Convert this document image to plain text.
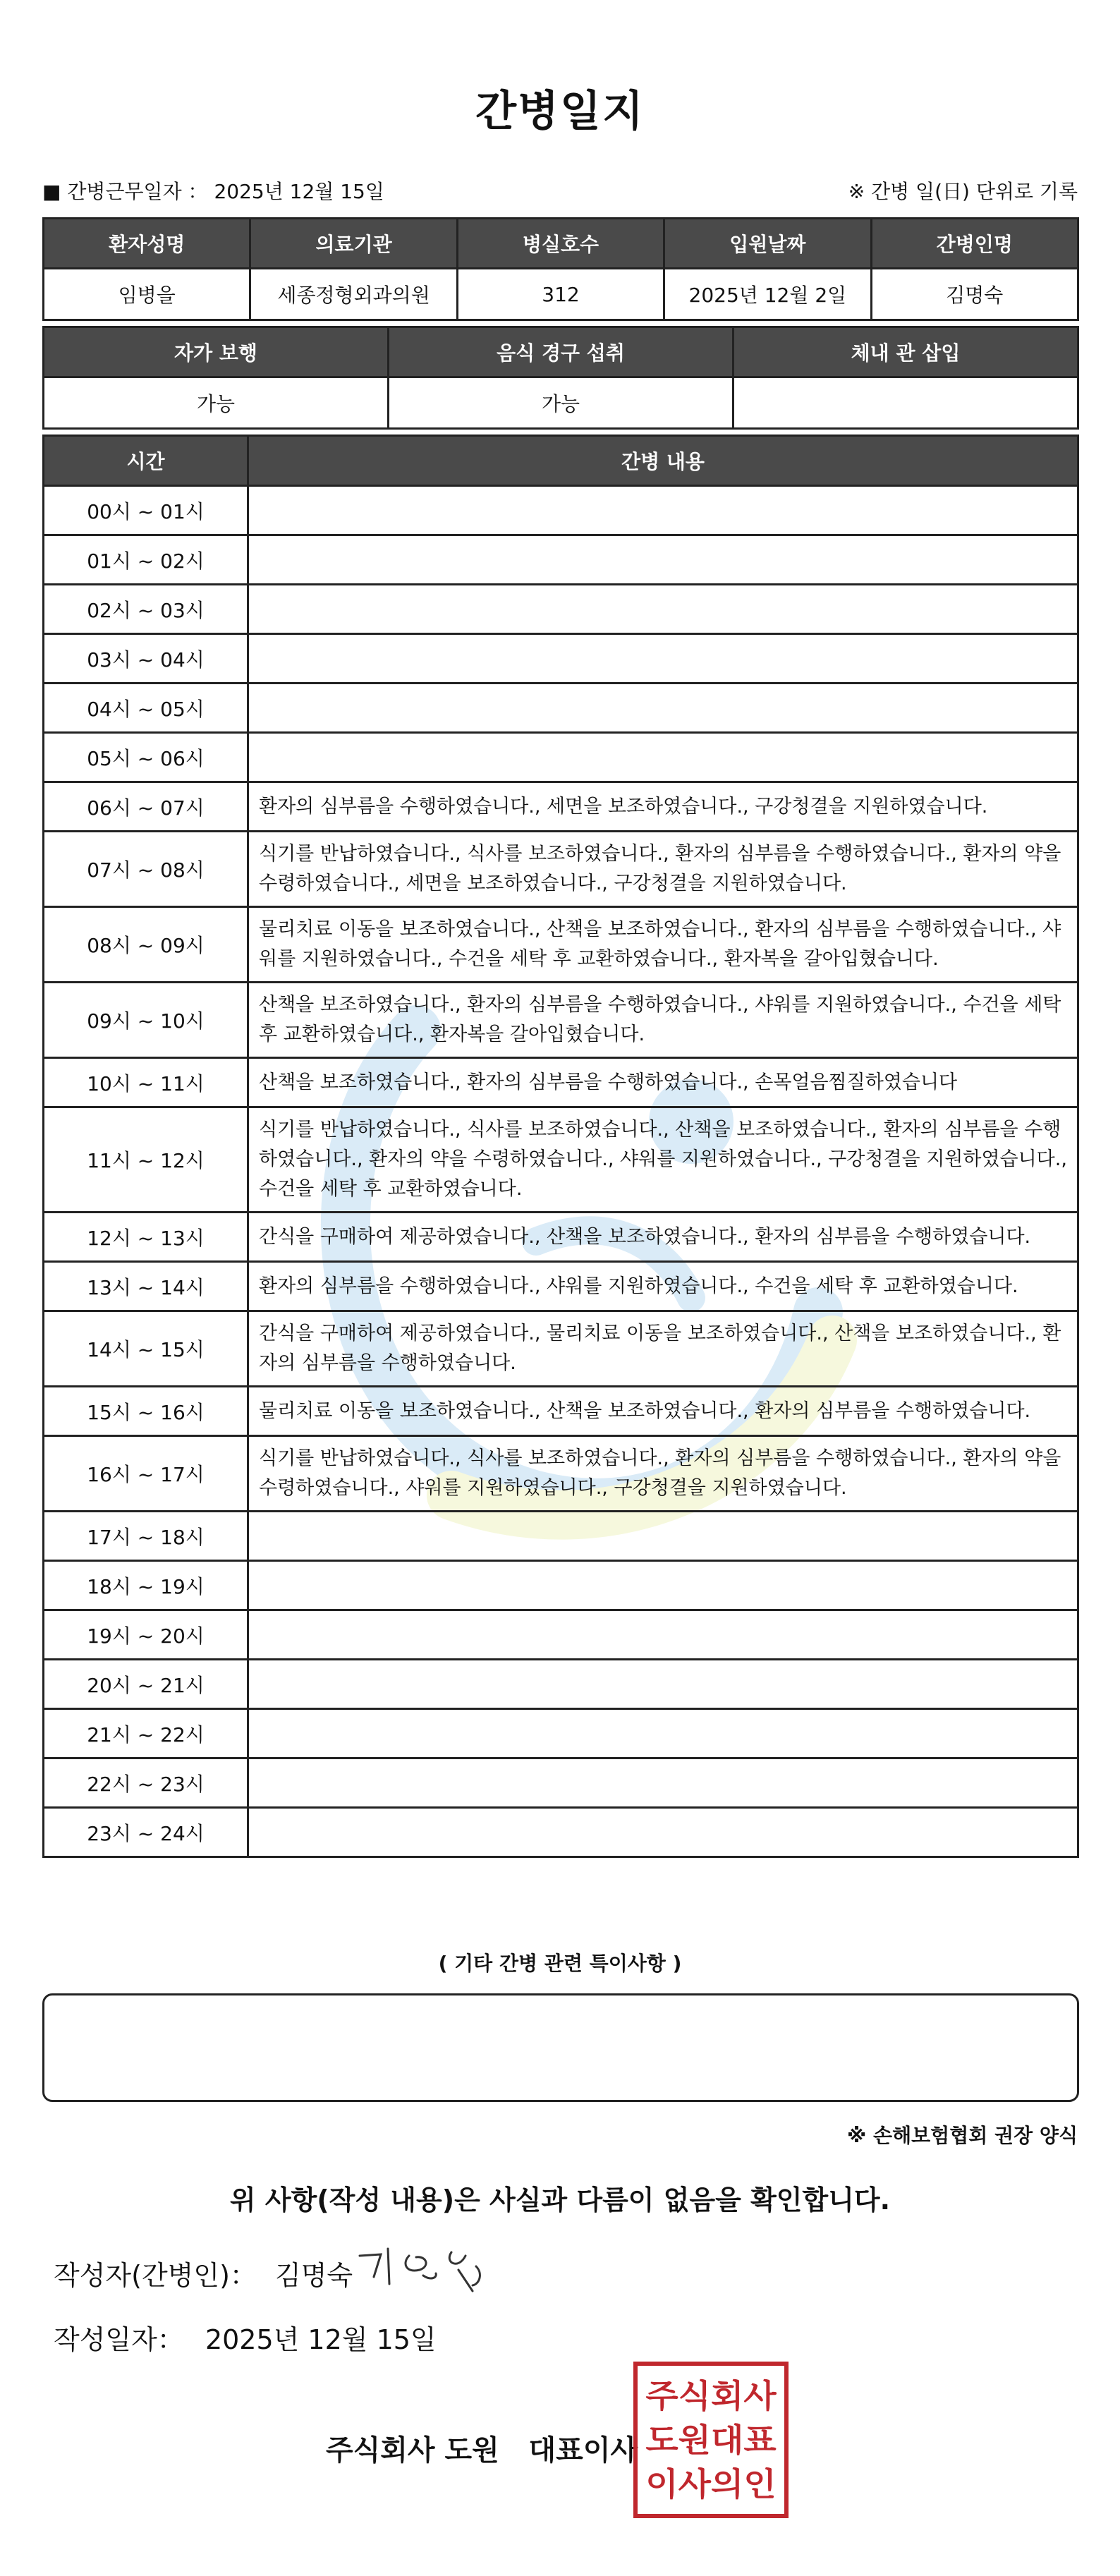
간병일지
■ 간병근무일자 ： 2025년 12월 15일	※ 간병 일(日) 단위로 기록
환자성명	의료기관	병실호수	입원날짜	간병인명
임병을	세종정형외과의원	312	2025년 12월 2일	김명숙
자가 보행	음식 경구 섭취	체내 관 삽입
가능	가능	
시간	간병 내용
00시 ~ 01시	
01시 ~ 02시	
02시 ~ 03시	
03시 ~ 04시	
04시 ~ 05시	
05시 ~ 06시	
06시 ~ 07시	환자의 심부름을 수행하였습니다., 세면을 보조하였습니다., 구강청결을 지원하였습니다.
07시 ~ 08시	식기를 반납하였습니다., 식사를 보조하였습니다., 환자의 심부름을 수행하였습니다., 환자의 약을 수령하였습니다., 세면을 보조하였습니다., 구강청결을 지원하였습니다.
08시 ~ 09시	물리치료 이동을 보조하였습니다., 산책을 보조하였습니다., 환자의 심부름을 수행하였습니다., 샤워를 지원하였습니다., 수건을 세탁 후 교환하였습니다., 환자복을 갈아입혔습니다.
09시 ~ 10시	산책을 보조하였습니다., 환자의 심부름을 수행하였습니다., 샤워를 지원하였습니다., 수건을 세탁 후 교환하였습니다., 환자복을 갈아입혔습니다.
10시 ~ 11시	산책을 보조하였습니다., 환자의 심부름을 수행하였습니다., 손목얼음찜질하였습니다
11시 ~ 12시	식기를 반납하였습니다., 식사를 보조하였습니다., 산책을 보조하였습니다., 환자의 심부름을 수행하였습니다., 환자의 약을 수령하였습니다., 샤워를 지원하였습니다., 구강청결을 지원하였습니다., 수건을 세탁 후 교환하였습니다.
12시 ~ 13시	간식을 구매하여 제공하였습니다., 산책을 보조하였습니다., 환자의 심부름을 수행하였습니다.
13시 ~ 14시	환자의 심부름을 수행하였습니다., 샤워를 지원하였습니다., 수건을 세탁 후 교환하였습니다.
14시 ~ 15시	간식을 구매하여 제공하였습니다., 물리치료 이동을 보조하였습니다., 산책을 보조하였습니다., 환자의 심부름을 수행하였습니다.
15시 ~ 16시	물리치료 이동을 보조하였습니다., 산책을 보조하였습니다., 환자의 심부름을 수행하였습니다.
16시 ~ 17시	식기를 반납하였습니다., 식사를 보조하였습니다., 환자의 심부름을 수행하였습니다., 환자의 약을 수령하였습니다., 샤워를 지원하였습니다., 구강청결을 지원하였습니다.
17시 ~ 18시	
18시 ~ 19시	
19시 ~ 20시	
20시 ~ 21시	
21시 ~ 22시	
22시 ~ 23시	
23시 ~ 24시	
( 기타 간병 관련 특이사항 )
※ 손해보험협회 권장 양식
위 사항(작성 내용)은 사실과 다름이 없음을 확인합니다.
작성자(간병인)： 김명숙
작성일자： 2025년 12월 15일
주식회사 도원   대표이사
주식회사
도원대표
이사의인
